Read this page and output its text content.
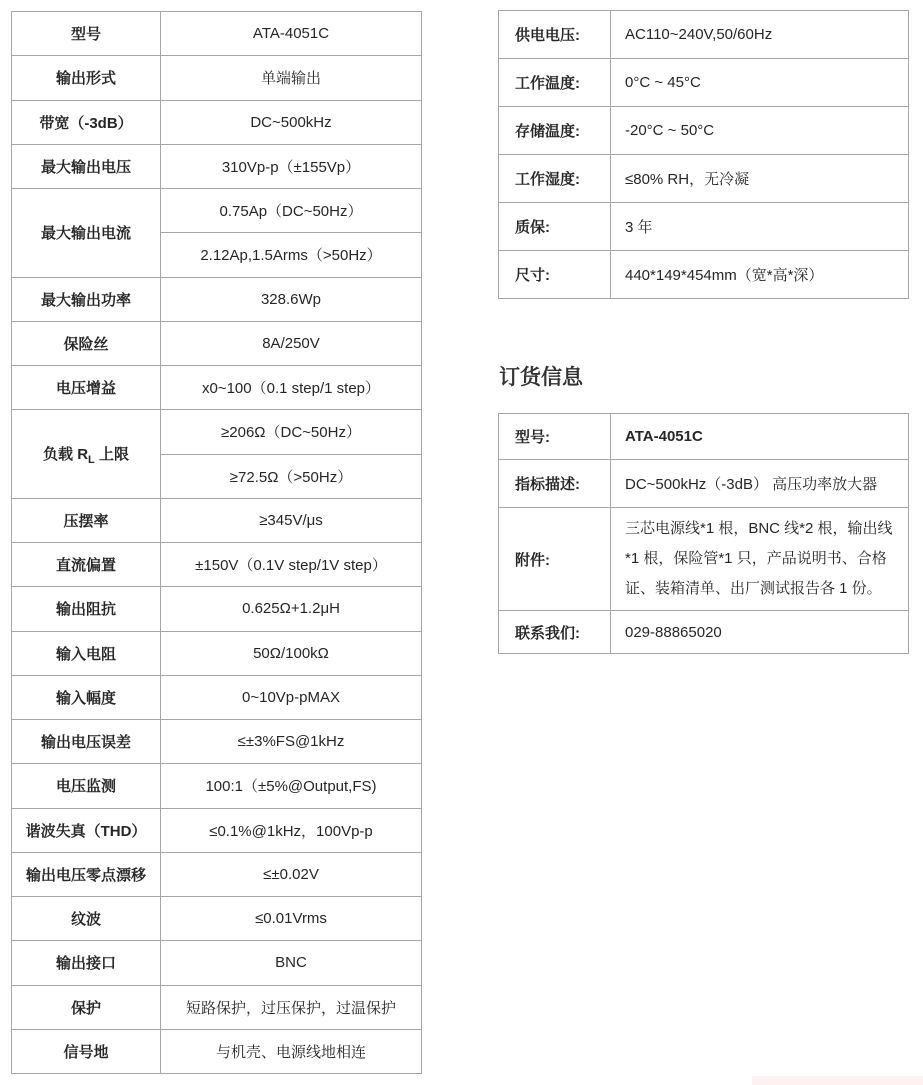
型号	ATA-4051C
输出形式	单端输出
带宽（-3dB）	DC~500kHz
最大输出电压	310Vp-p（±155Vp）
最大输出电流	0.75Ap（DC~50Hz）
	2.12Ap,1.5Arms（>50Hz）
最大输出功率	328.6Wp
保险丝	8A/250V
电压增益	x0~100（0.1 step/1 step）
负载 $R_L$ 上限	≥206Ω（DC~50Hz）
	≥72.5Ω（>50Hz）
压摆率	≥345V/μs
直流偏置	±150V（0.1V step/1V step）
输出阻抗	0.625Ω+1.2μH
输入电阻	50Ω/100kΩ
输入幅度	0~10Vp-pMAX
输出电压误差	≤±3%FS@1kHz
电压监测	100:1（±5%@Output,FS)
谐波失真（THD）	≤0.1%@1kHz，100Vp-p
输出电压零点漂移	≤±0.02V
纹波	≤0.01Vrms
输出接口	BNC
保护	短路保护，过压保护，过温保护
信号地	与机壳、电源线地相连
供电电压:	AC110~240V,50/60Hz
工作温度:	0°C ~ 45°C
存储温度:	-20°C ~ 50°C
工作湿度:	≤80% RH，无冷凝
质保:	3 年
尺寸:	440*149*454mm（宽*高*深）
订货信息
型号:	ATA-4051C
指标描述:	DC~500kHz（-3dB） 高压功率放大器
附件:	三芯电源线*1 根，BNC 线*2 根，输出线*1 根，保险管*1 只，产品说明书、合格证、装箱清单、出厂测试报告各 1 份。
联系我们:	029-88865020
